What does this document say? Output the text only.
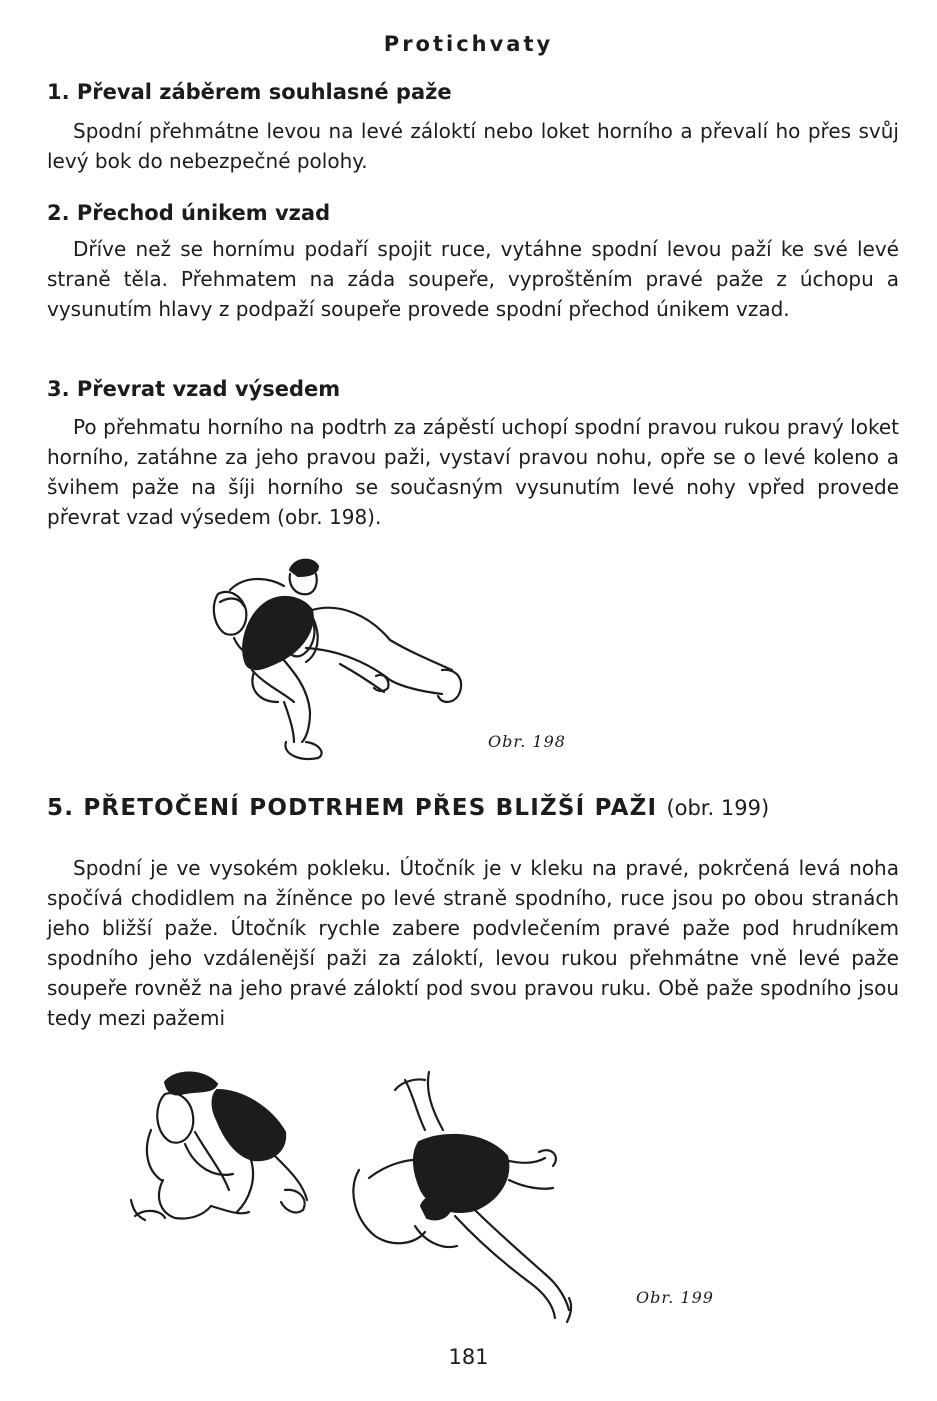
Protichvaty
1. Převal záběrem souhlasné paže

Spodní přehmátne levou na levé záloktí nebo loket horního a převalí ho přes svůj levý bok do nebezpečné polohy.

2. Přechod únikem vzad

Dříve než se hornímu podaří spojit ruce, vytáhne spodní levou paží ke své levé straně těla. Přehmatem na záda soupeře, vyproštěním pravé paže z úchopu a vysunutím hlavy z podpaží soupeře provede spodní přechod únikem vzad.

3. Převrat vzad výsedem

Po přehmatu horního na podtrh za zápěstí uchopí spodní pravou rukou pravý loket horního, zatáhne za jeho pravou paži, vystaví pravou nohu, opře se o levé koleno a švihem paže na šíji horního se současným vysunutím levé nohy vpřed provede převrat vzad výsedem (obr. 198).

Obr. 198
5. PŘETOČENÍ PODTRHEM PŘES BLIŽŠÍ PAŽI (obr. 199)

Spodní je ve vysokém pokleku. Útočník je v kleku na pravé, pokrčená levá noha spočívá chodidlem na žíněnce po levé straně spodního, ruce jsou po obou stranách jeho bližší paže. Útočník rychle zabere podvlečením pravé paže pod hrudníkem spodního jeho vzdálenější paži za záloktí, levou rukou přehmátne vně levé paže soupeře rovněž na jeho pravé záloktí pod svou pravou ruku. Obě paže spodního jsou tedy mezi pažemi

Obr. 199
181
